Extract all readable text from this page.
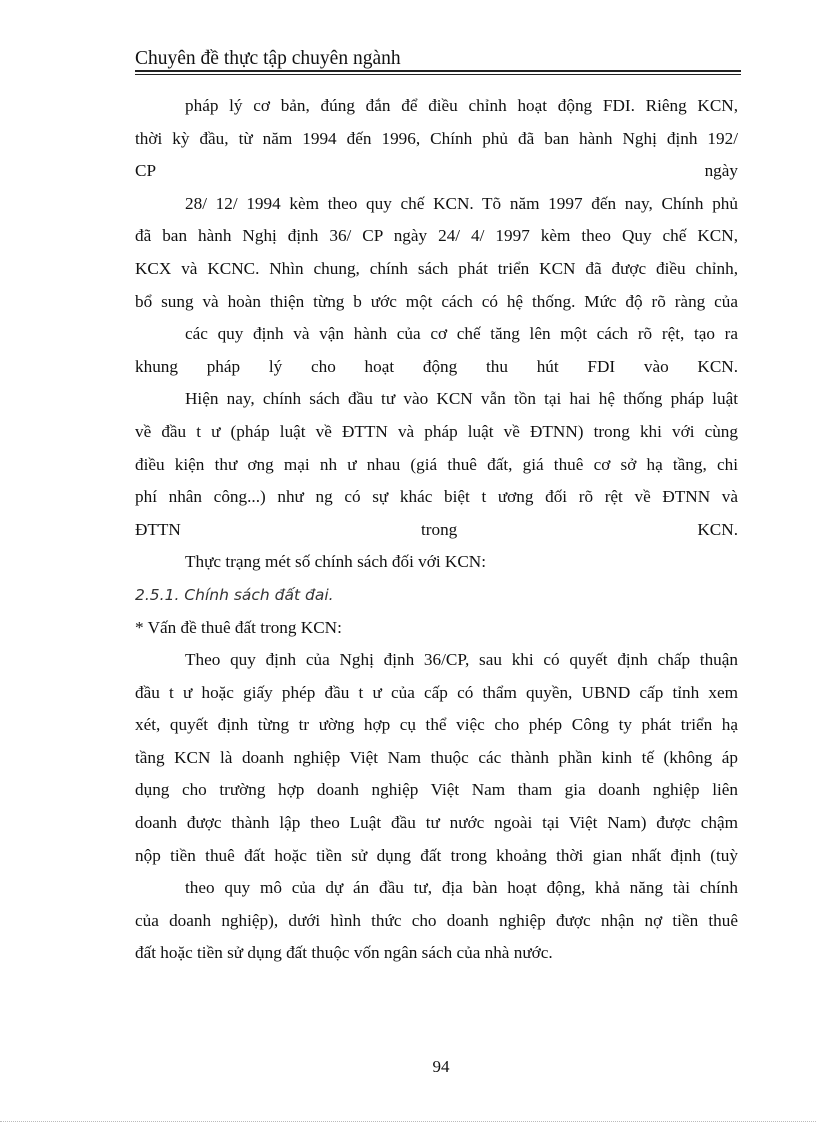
Chuyên đề thực tập chuyên ngành
pháp lý cơ bản, đúng đắn để điều chỉnh hoạt động FDI. Riêng KCN,
thời kỳ đầu, từ năm 1994 đến 1996, Chính phủ đã ban hành Nghị định 192/
CP ngày
28/ 12/ 1994 kèm theo quy chế KCN. Tõ năm 1997 đến nay, Chính phủ
đã ban hành Nghị định 36/ CP ngày 24/ 4/ 1997 kèm theo Quy chế KCN,
KCX và KCNC. Nhìn chung, chính sách phát triển KCN đã được điều chỉnh,
bổ sung và hoàn thiện từng b ước một cách có hệ thống. Mức độ rõ ràng của
các quy định và vận hành của cơ chế tăng lên một cách rõ rệt, tạo ra
khung pháp lý cho hoạt động thu hút FDI vào KCN.
Hiện nay, chính sách đầu tư vào KCN vẫn tồn tại hai hệ thống pháp luật
về đầu t ư (pháp luật về ĐTTN và pháp luật về ĐTNN) trong khi với cùng
điều kiện thư ơng mại nh ư nhau (giá thuê đất, giá thuê cơ sở hạ tầng, chi
phí nhân công...) như ng có sự khác biệt t ương đối rõ rệt về ĐTNN và
ĐTTN trong KCN.
Thực trạng mét số chính sách đối với KCN:
2.5.1. Chính sách đất đai.
* Vấn đề thuê đất trong KCN:
Theo quy định của Nghị định 36/CP, sau khi có quyết định chấp thuận
đầu t ư hoặc giấy phép đầu t ư của cấp có thẩm quyền, UBND cấp tỉnh xem
xét, quyết định từng tr ường hợp cụ thể việc cho phép Công ty phát triển hạ
tầng KCN là doanh nghiệp Việt Nam thuộc các thành phần kinh tế (không áp
dụng cho trường hợp doanh nghiệp Việt Nam tham gia doanh nghiệp liên
doanh được thành lập theo Luật đầu tư nước ngoài tại Việt Nam) được chậm
nộp tiền thuê đất hoặc tiền sử dụng đất trong khoảng thời gian nhất định (tuỳ
theo quy mô của dự án đầu tư, địa bàn hoạt động, khả năng tài chính
của doanh nghiệp), dưới hình thức cho doanh nghiệp được nhận nợ tiền thuê
đất hoặc tiền sử dụng đất thuộc vốn ngân sách của nhà nước.
94
